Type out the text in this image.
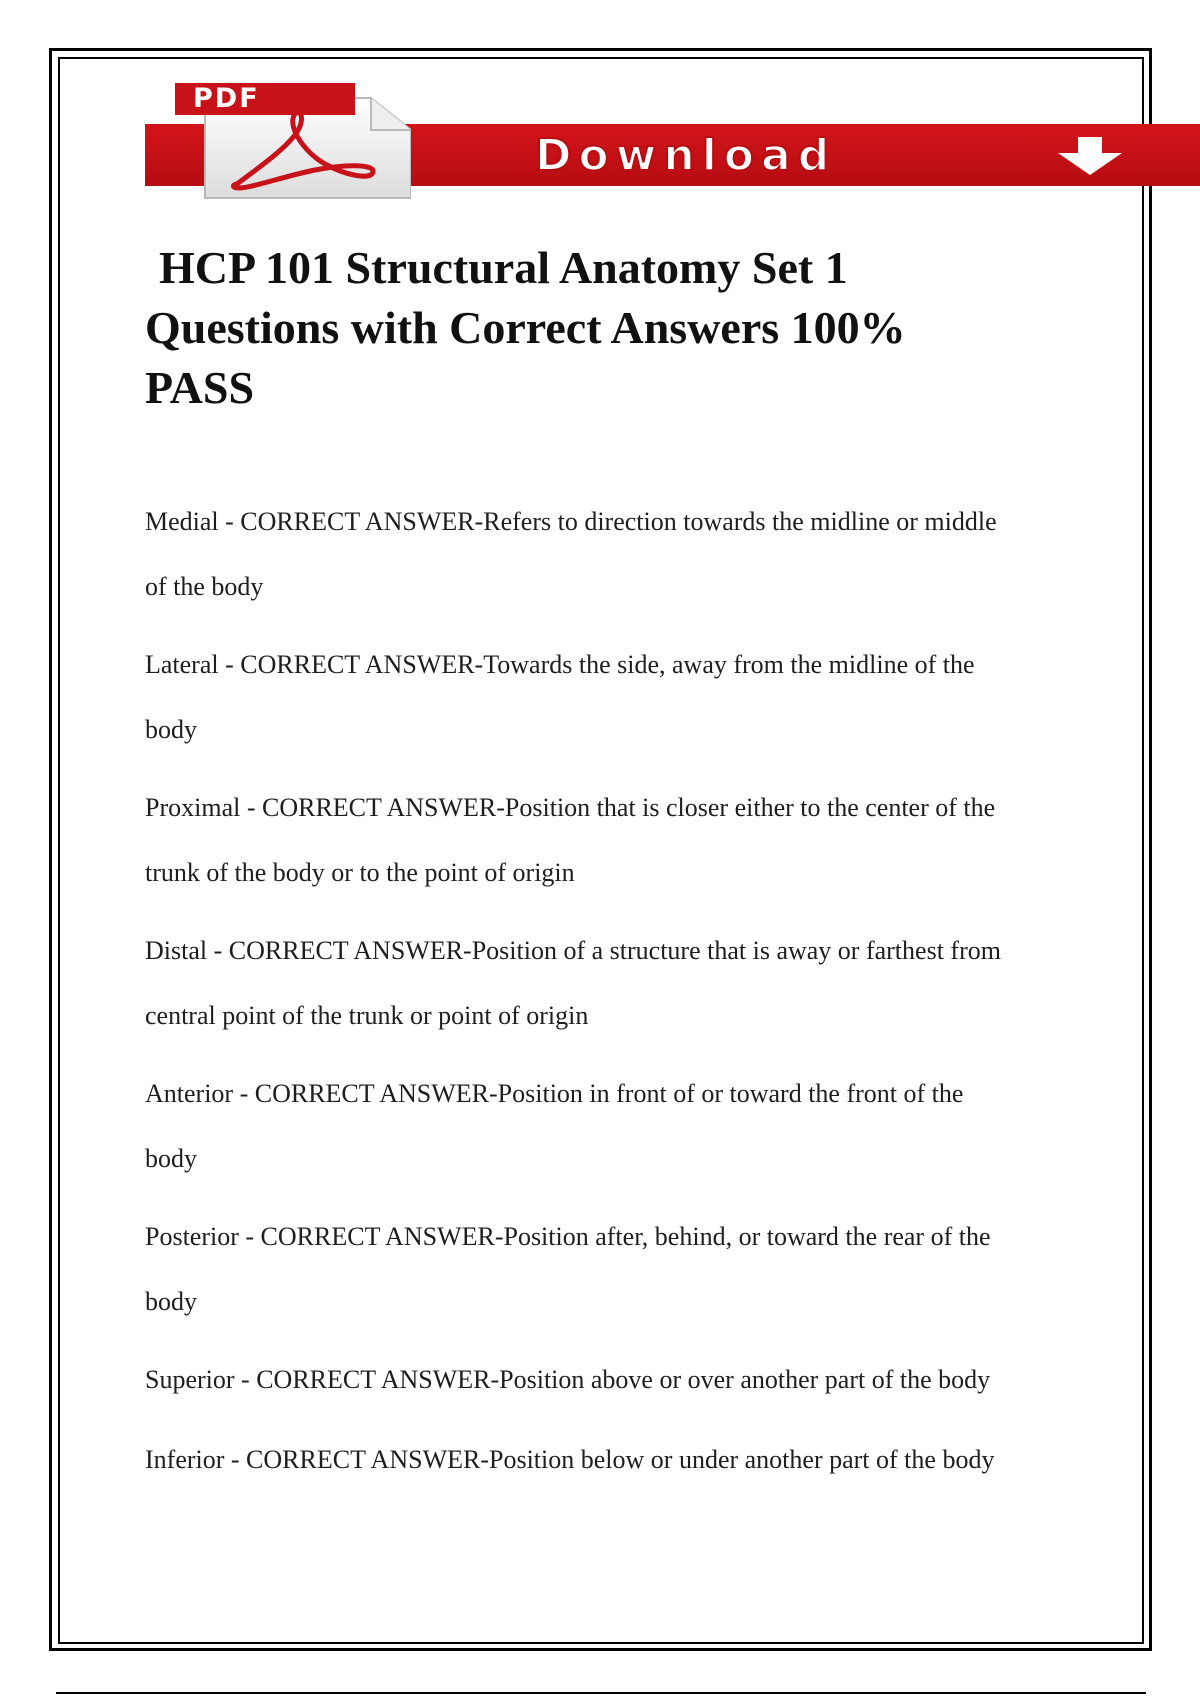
PDF
Download
HCP 101 Structural Anatomy Set 1
Questions with Correct Answers 100%
PASS
Medial - CORRECT ANSWER-Refers to direction towards the midline or middle
of the body
Lateral - CORRECT ANSWER-Towards the side, away from the midline of the
body
Proximal - CORRECT ANSWER-Position that is closer either to the center of the
trunk of the body or to the point of origin
Distal - CORRECT ANSWER-Position of a structure that is away or farthest from
central point of the trunk or point of origin
Anterior - CORRECT ANSWER-Position in front of or toward the front of the
body
Posterior - CORRECT ANSWER-Position after, behind, or toward the rear of the
body
Superior - CORRECT ANSWER-Position above or over another part of the body
Inferior - CORRECT ANSWER-Position below or under another part of the body
